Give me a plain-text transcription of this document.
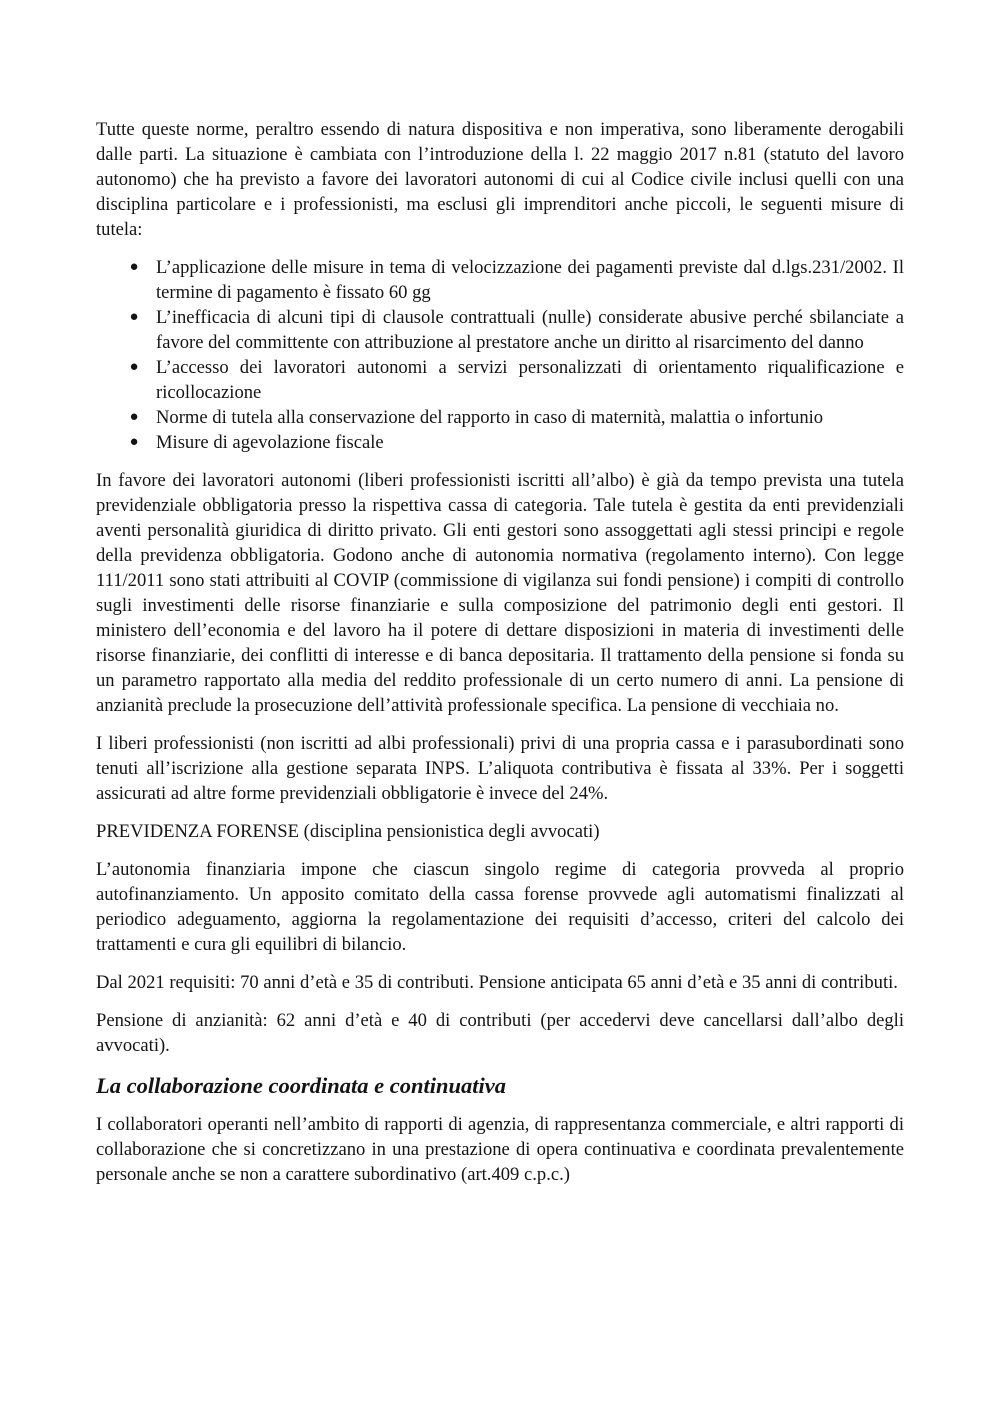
Tutte queste norme, peraltro essendo di natura dispositiva e non imperativa, sono liberamente derogabili dalle parti. La situazione è cambiata con l’introduzione della l. 22 maggio 2017 n.81 (statuto del lavoro autonomo) che ha previsto a favore dei lavoratori autonomi di cui al Codice civile inclusi quelli con una disciplina particolare e i professionisti, ma esclusi gli imprenditori anche piccoli, le seguenti misure di tutela:

● L’applicazione delle misure in tema di velocizzazione dei pagamenti previste dal d.lgs.231/2002. Il termine di pagamento è fissato 60 gg
● L’inefficacia di alcuni tipi di clausole contrattuali (nulle) considerate abusive perché sbilanciate a favore del committente con attribuzione al prestatore anche un diritto al risarcimento del danno
● L’accesso dei lavoratori autonomi a servizi personalizzati di orientamento riqualificazione e ricollocazione
● Norme di tutela alla conservazione del rapporto in caso di maternità, malattia o infortunio
● Misure di agevolazione fiscale

In favore dei lavoratori autonomi (liberi professionisti iscritti all’albo) è già da tempo prevista una tutela previdenziale obbligatoria presso la rispettiva cassa di categoria. Tale tutela è gestita da enti previdenziali aventi personalità giuridica di diritto privato. Gli enti gestori sono assoggettati agli stessi principi e regole della previdenza obbligatoria. Godono anche di autonomia normativa (regolamento interno). Con legge 111/2011 sono stati attribuiti al COVIP (commissione di vigilanza sui fondi pensione) i compiti di controllo sugli investimenti delle risorse finanziarie e sulla composizione del patrimonio degli enti gestori. Il ministero dell’economia e del lavoro ha il potere di dettare disposizioni in materia di investimenti delle risorse finanziarie, dei conflitti di interesse e di banca depositaria. Il trattamento della pensione si fonda su un parametro rapportato alla media del reddito professionale di un certo numero di anni. La pensione di anzianità preclude la prosecuzione dell’attività professionale specifica. La pensione di vecchiaia no.

I liberi professionisti (non iscritti ad albi professionali) privi di una propria cassa e i parasubordinati sono tenuti all’iscrizione alla gestione separata INPS. L’aliquota contributiva è fissata al 33%. Per i soggetti assicurati ad altre forme previdenziali obbligatorie è invece del 24%.

PREVIDENZA FORENSE (disciplina pensionistica degli avvocati)

L’autonomia finanziaria impone che ciascun singolo regime di categoria provveda al proprio autofinanziamento. Un apposito comitato della cassa forense provvede agli automatismi finalizzati al periodico adeguamento, aggiorna la regolamentazione dei requisiti d’accesso, criteri del calcolo dei trattamenti e cura gli equilibri di bilancio.

Dal 2021 requisiti: 70 anni d’età e 35 di contributi. Pensione anticipata 65 anni d’età e 35 anni di contributi.

Pensione di anzianità: 62 anni d’età e 40 di contributi (per accedervi deve cancellarsi dall’albo degli avvocati).

La collaborazione coordinata e continuativa

I collaboratori operanti nell’ambito di rapporti di agenzia, di rappresentanza commerciale, e altri rapporti di collaborazione che si concretizzano in una prestazione di opera continuativa e coordinata prevalentemente personale anche se non a carattere subordinativo (art.409 c.p.c.)
